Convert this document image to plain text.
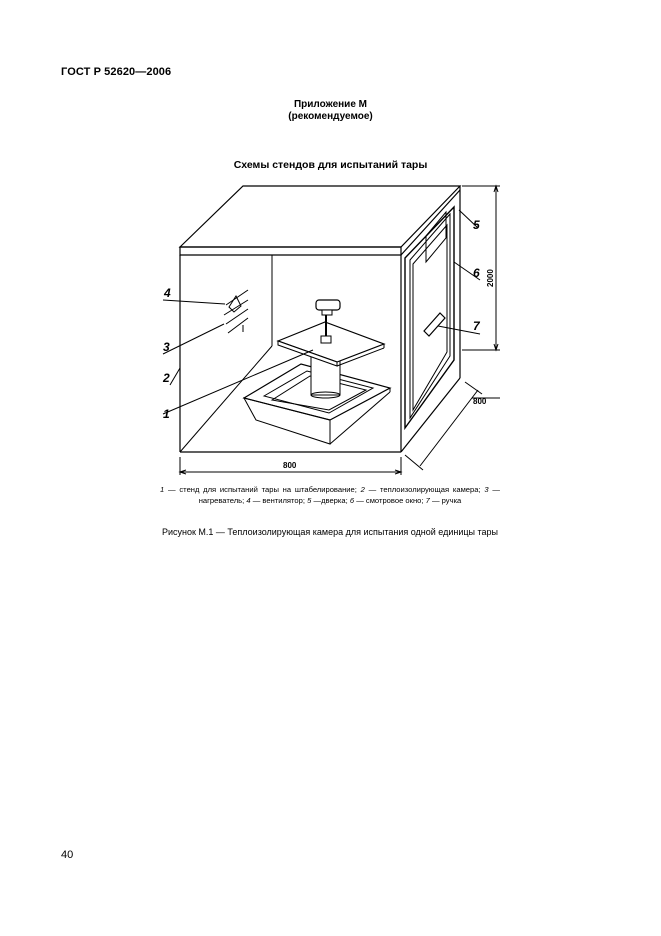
ГОСТ Р 52620—2006
Приложение М
(рекомендуемое)
Схемы стендов для испытаний тары
4
3
2
1
5
6
7
800
800
2000
1 — стенд для испытаний тары на штабелирование; 2 — теплоизолирующая камера; 3 — нагреватель; 4 — вентилятор; 5 —дверка; 6 — смотровое окно; 7 — ручка
Рисунок М.1 — Теплоизолирующая камера для испытания одной единицы тары
40
